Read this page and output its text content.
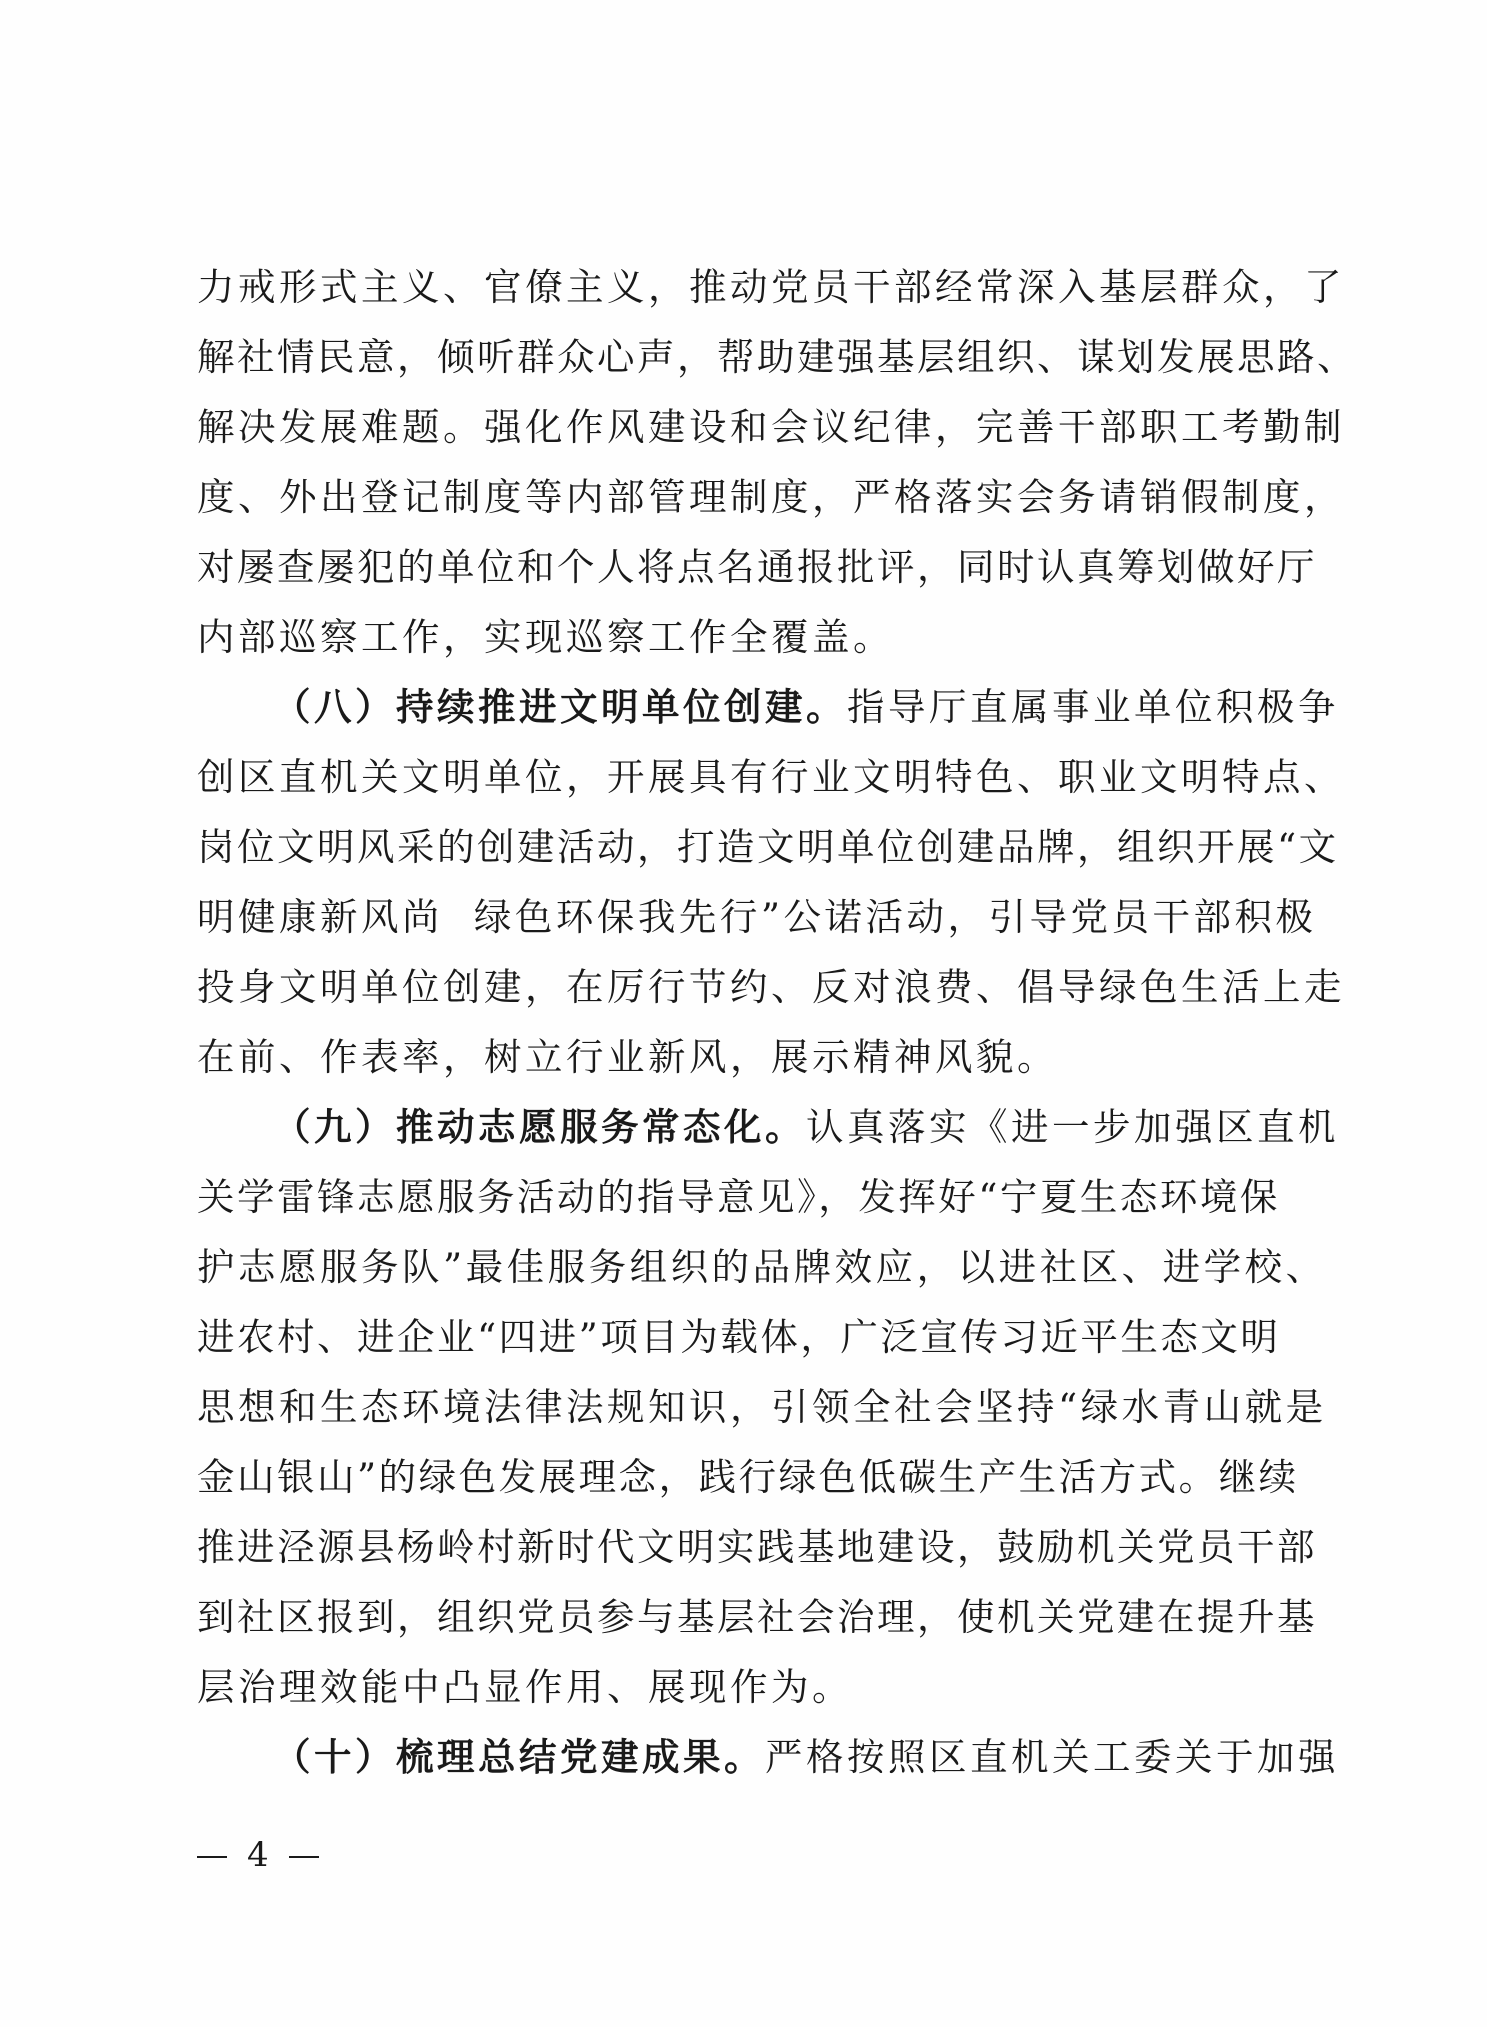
力戒形式主义、官僚主义，推动党员干部经常深入基层群众，了
解社情民意，倾听群众心声，帮助建强基层组织、谋划发展思路、
解决发展难题。强化作风建设和会议纪律，完善干部职工考勤制
度、外出登记制度等内部管理制度，严格落实会务请销假制度，
对屡查屡犯的单位和个人将点名通报批评，同时认真筹划做好厅
内部巡察工作，实现巡察工作全覆盖。
（八）持续推进文明单位创建。指导厅直属事业单位积极争
创区直机关文明单位，开展具有行业文明特色、职业文明特点、
岗位文明风采的创建活动，打造文明单位创建品牌，组织开展“文
明健康新风尚  绿色环保我先行”公诺活动，引导党员干部积极
投身文明单位创建，在厉行节约、反对浪费、倡导绿色生活上走
在前、作表率，树立行业新风，展示精神风貌。
（九）推动志愿服务常态化。认真落实《进一步加强区直机
关学雷锋志愿服务活动的指导意见》，发挥好“宁夏生态环境保
护志愿服务队”最佳服务组织的品牌效应，以进社区、进学校、
进农村、进企业“四进”项目为载体，广泛宣传习近平生态文明
思想和生态环境法律法规知识，引领全社会坚持“绿水青山就是
金山银山”的绿色发展理念，践行绿色低碳生产生活方式。继续
推进泾源县杨岭村新时代文明实践基地建设，鼓励机关党员干部
到社区报到，组织党员参与基层社会治理，使机关党建在提升基
层治理效能中凸显作用、展现作为。
（十）梳理总结党建成果。严格按照区直机关工委关于加强
4
